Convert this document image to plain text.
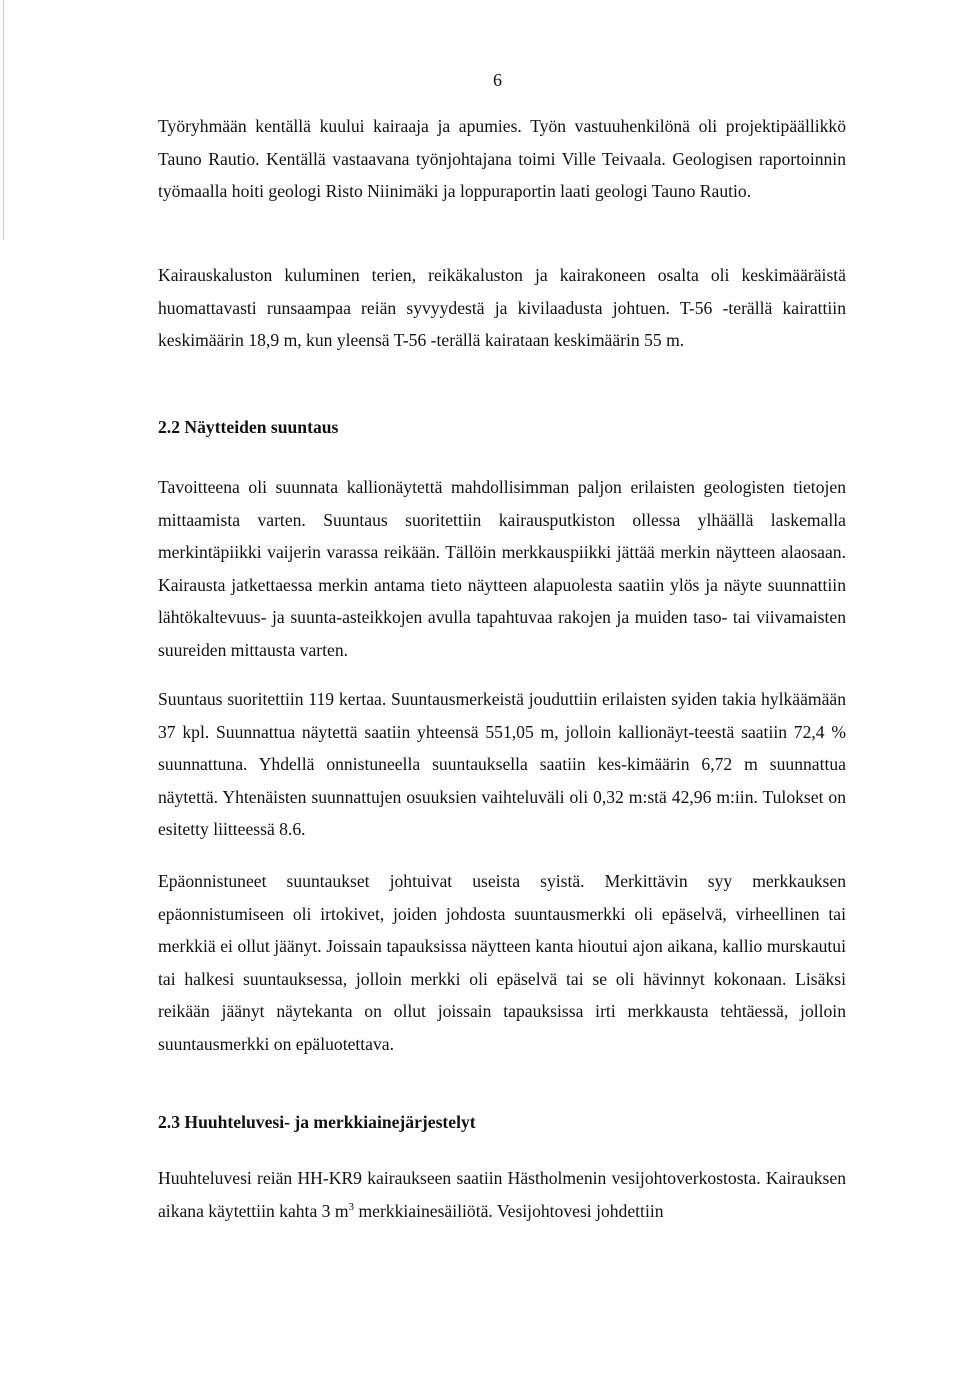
6

Työryhmään kentällä kuului kairaaja ja apumies. Työn vastuuhenkilönä oli projektipäällikkö Tauno Rautio. Kentällä vastaavana työnjohtajana toimi Ville Teivaala. Geologisen raportoinnin työmaalla hoiti geologi Risto Niinimäki ja loppuraportin laati geologi Tauno Rautio.

Kairauskaluston kuluminen terien, reikäkaluston ja kairakoneen osalta oli keskimääräistä huomattavasti runsaampaa reiän syvyydestä ja kivilaadusta johtuen. T-56 -terällä kairattiin keskimäärin 18,9 m, kun yleensä T-56 -terällä kairataan keskimäärin 55 m.

2.2 Näytteiden suuntaus

Tavoitteena oli suunnata kallionäytettä mahdollisimman paljon erilaisten geologisten tietojen mittaamista varten. Suuntaus suoritettiin kairausputkiston ollessa ylhäällä laskemalla merkintäpiikki vaijerin varassa reikään. Tällöin merkkauspiikki jättää merkin näytteen alaosaan. Kairausta jatkettaessa merkin antama tieto näytteen alapuolesta saatiin ylös ja näyte suunnattiin lähtökaltevuus- ja suunta-asteikkojen avulla tapahtuvaa rakojen ja muiden taso- tai viivamaisten suureiden mittausta varten.

Suuntaus suoritettiin 119 kertaa. Suuntausmerkeistä jouduttiin erilaisten syiden takia hylkäämään 37 kpl. Suunnattua näytettä saatiin yhteensä 551,05 m, jolloin kallionäyt-teestä saatiin 72,4 % suunnattuna. Yhdellä onnistuneella suuntauksella saatiin kes-kimäärin 6,72 m suunnattua näytettä. Yhtenäisten suunnattujen osuuksien vaihteluväli oli 0,32 m:stä 42,96 m:iin. Tulokset on esitetty liitteessä 8.6.

Epäonnistuneet suuntaukset johtuivat useista syistä. Merkittävin syy merkkauksen epäonnistumiseen oli irtokivet, joiden johdosta suuntausmerkki oli epäselvä, virheellinen tai merkkiä ei ollut jäänyt. Joissain tapauksissa näytteen kanta hioutui ajon aikana, kallio murskautui tai halkesi suuntauksessa, jolloin merkki oli epäselvä tai se oli hävinnyt kokonaan. Lisäksi reikään jäänyt näytekanta on ollut joissain tapauksissa irti merkkausta tehtäessä, jolloin suuntausmerkki on epäluotettava.

2.3 Huuhteluvesi- ja merkkiainejärjestelyt

Huuhteluvesi reiän HH-KR9 kairaukseen saatiin Hästholmenin vesijohtoverkostosta. Kairauksen aikana käytettiin kahta 3 $m^3$ merkkiainesäiliötä. Vesijohtovesi johdettiin
